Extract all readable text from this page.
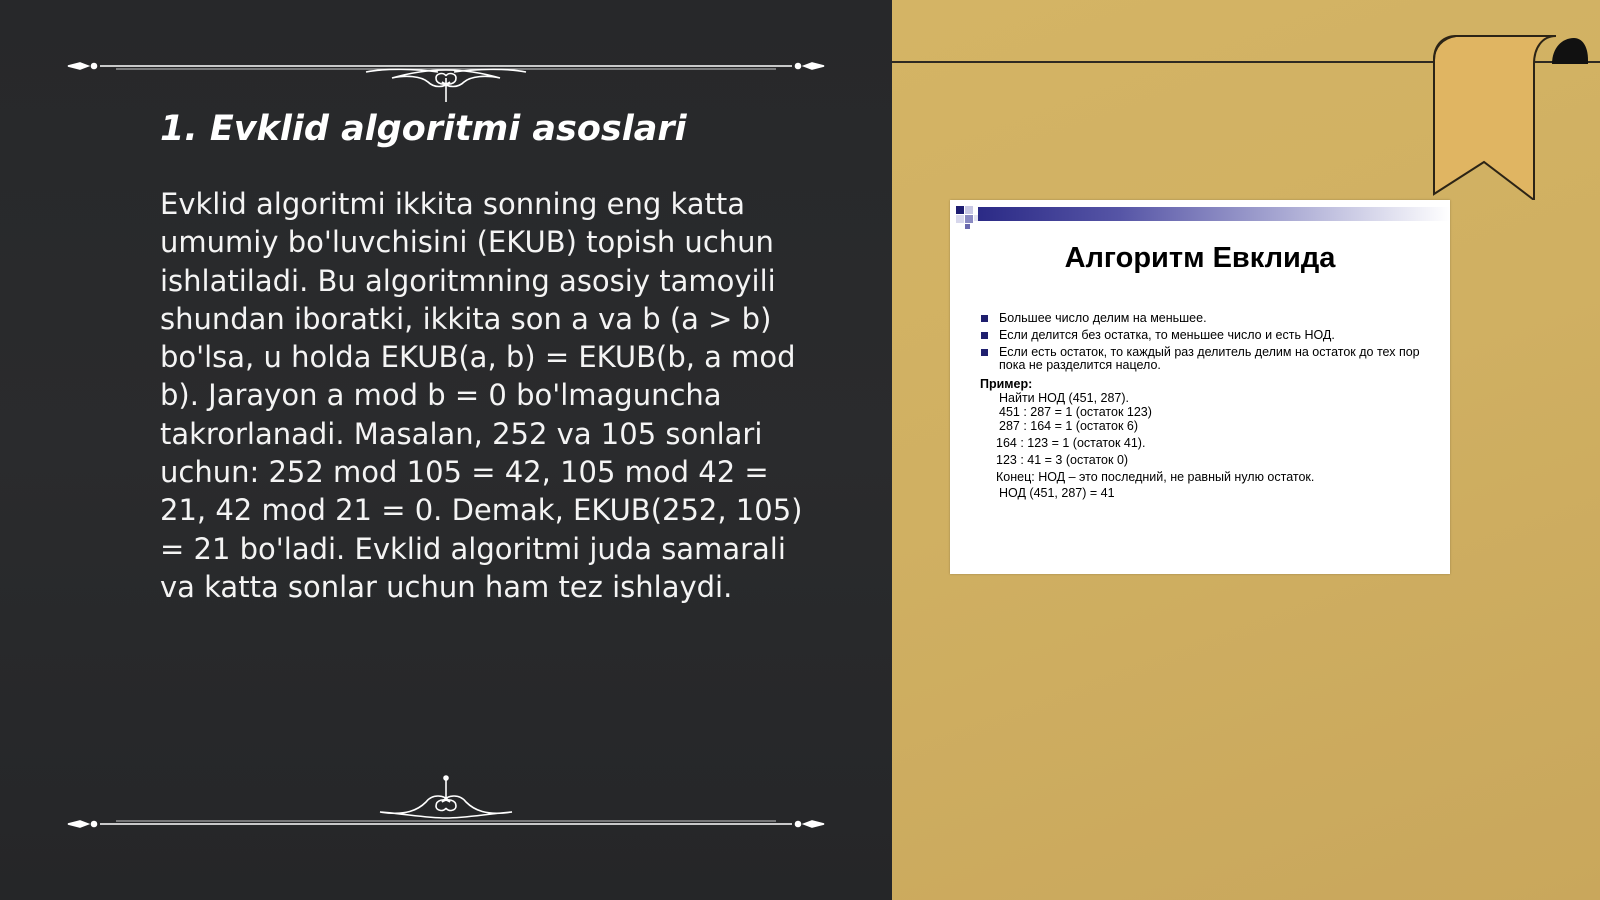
1. Evklid algoritmi asoslari

Evklid algoritmi ikkita sonning eng katta umumiy bo'luvchisini (EKUB) topish uchun ishlatiladi. Bu algoritmning asosiy tamoyili shundan iboratki, ikkita son a va b (a > b) bo'lsa, u holda EKUB(a, b) = EKUB(b, a mod b). Jarayon a mod b = 0 bo'lmaguncha takrorlanadi. Masalan, 252 va 105 sonlari uchun: 252 mod 105 = 42, 105 mod 42 = 21, 42 mod 21 = 0. Demak, EKUB(252, 105) = 21 bo'ladi. Evklid algoritmi juda samarali va katta sonlar uchun ham tez ishlaydi.

Алгоритм Евклида
Большее число делим на меньшее.
Если делится без остатка, то меньшее число и есть НОД.
Если есть остаток, то каждый раз делитель делим на остаток до тех пор пока не разделится нацело.
Пример:
Найти НОД (451, 287).
451 : 287 = 1 (остаток 123)
287 : 164 = 1 (остаток 6)
164 : 123 = 1 (остаток 41).
123 : 41 = 3 (остаток 0)
Конец: НОД – это последний, не равный нулю остаток.
НОД (451, 287) = 41
